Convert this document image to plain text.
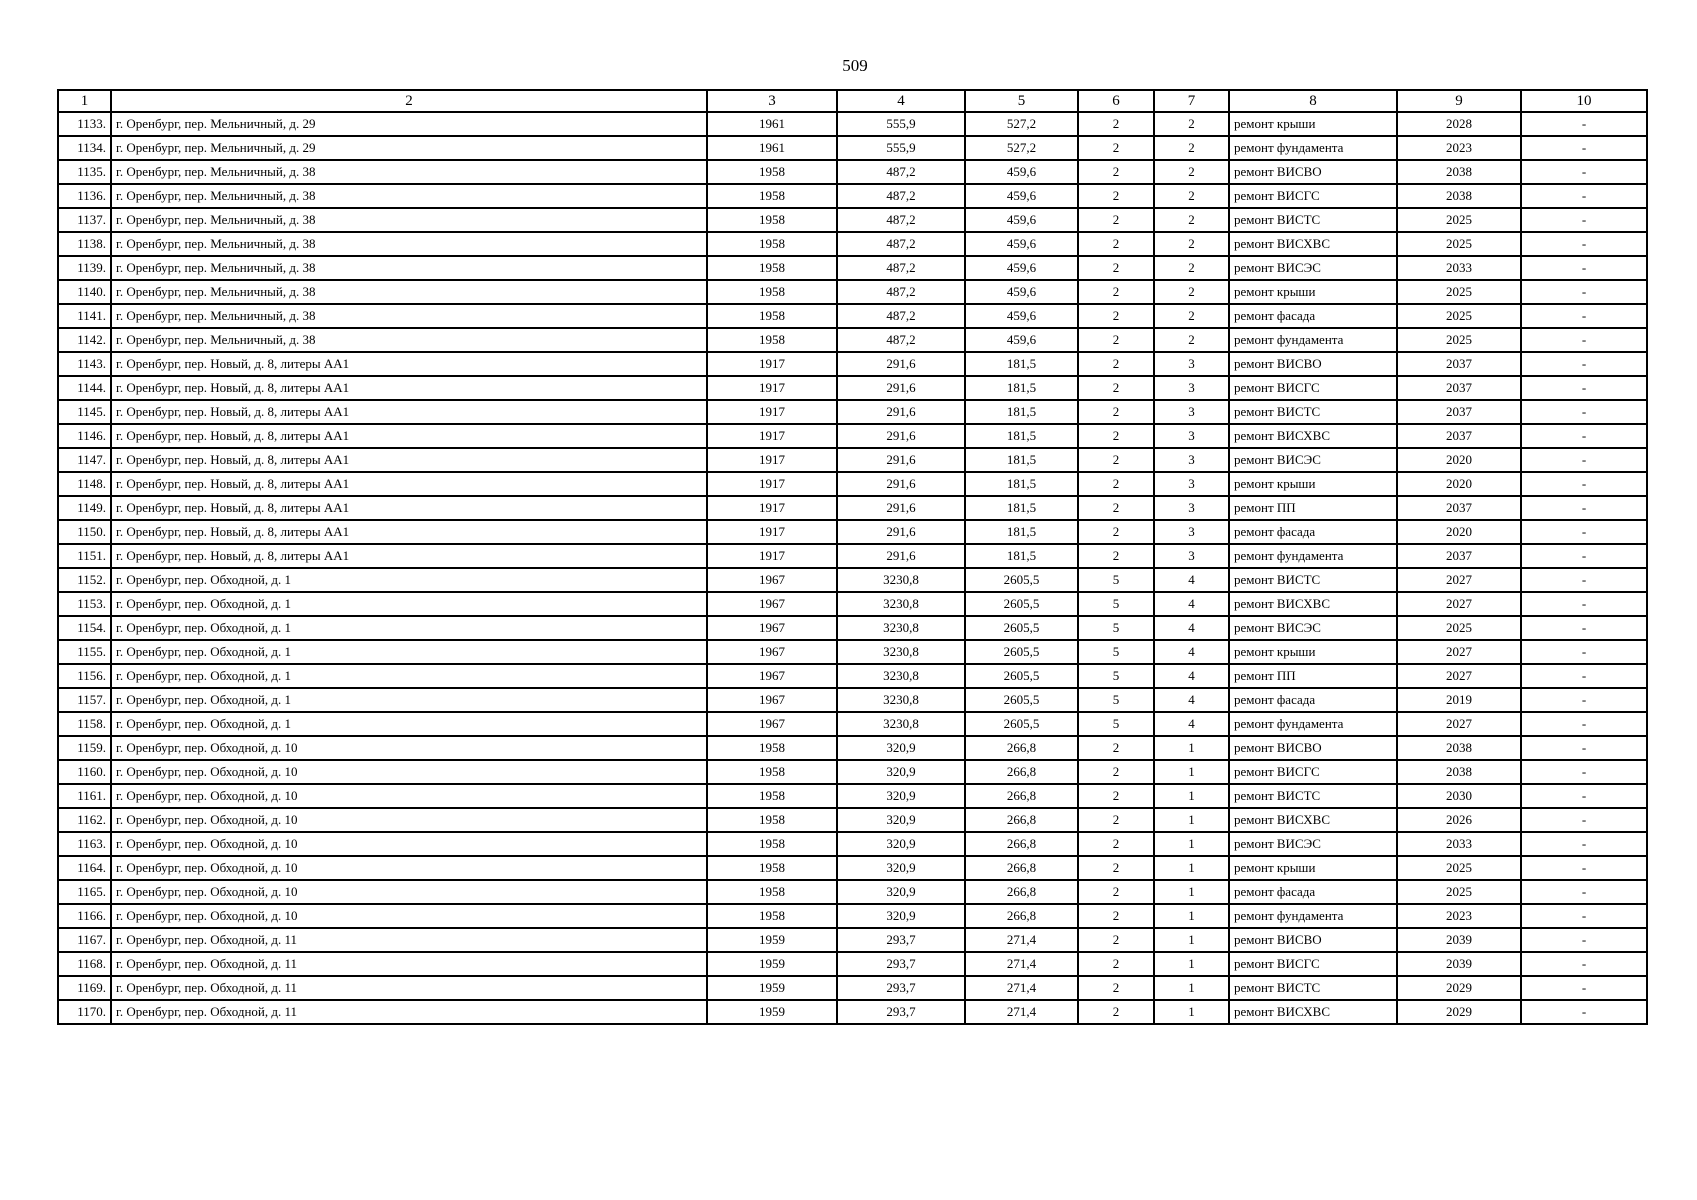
509
1	2	3	4	5	6	7	8	9	10
1133.	г. Оренбург, пер. Мельничный, д. 29	1961	555,9	527,2	2	2	ремонт крыши	2028	-
1134.	г. Оренбург, пер. Мельничный, д. 29	1961	555,9	527,2	2	2	ремонт фундамента	2023	-
1135.	г. Оренбург, пер. Мельничный, д. 38	1958	487,2	459,6	2	2	ремонт ВИСВО	2038	-
1136.	г. Оренбург, пер. Мельничный, д. 38	1958	487,2	459,6	2	2	ремонт ВИСГС	2038	-
1137.	г. Оренбург, пер. Мельничный, д. 38	1958	487,2	459,6	2	2	ремонт ВИСТС	2025	-
1138.	г. Оренбург, пер. Мельничный, д. 38	1958	487,2	459,6	2	2	ремонт ВИСХВС	2025	-
1139.	г. Оренбург, пер. Мельничный, д. 38	1958	487,2	459,6	2	2	ремонт ВИСЭС	2033	-
1140.	г. Оренбург, пер. Мельничный, д. 38	1958	487,2	459,6	2	2	ремонт крыши	2025	-
1141.	г. Оренбург, пер. Мельничный, д. 38	1958	487,2	459,6	2	2	ремонт фасада	2025	-
1142.	г. Оренбург, пер. Мельничный, д. 38	1958	487,2	459,6	2	2	ремонт фундамента	2025	-
1143.	г. Оренбург, пер. Новый, д. 8, литеры АА1	1917	291,6	181,5	2	3	ремонт ВИСВО	2037	-
1144.	г. Оренбург, пер. Новый, д. 8, литеры АА1	1917	291,6	181,5	2	3	ремонт ВИСГС	2037	-
1145.	г. Оренбург, пер. Новый, д. 8, литеры АА1	1917	291,6	181,5	2	3	ремонт ВИСТС	2037	-
1146.	г. Оренбург, пер. Новый, д. 8, литеры АА1	1917	291,6	181,5	2	3	ремонт ВИСХВС	2037	-
1147.	г. Оренбург, пер. Новый, д. 8, литеры АА1	1917	291,6	181,5	2	3	ремонт ВИСЭС	2020	-
1148.	г. Оренбург, пер. Новый, д. 8, литеры АА1	1917	291,6	181,5	2	3	ремонт крыши	2020	-
1149.	г. Оренбург, пер. Новый, д. 8, литеры АА1	1917	291,6	181,5	2	3	ремонт ПП	2037	-
1150.	г. Оренбург, пер. Новый, д. 8, литеры АА1	1917	291,6	181,5	2	3	ремонт фасада	2020	-
1151.	г. Оренбург, пер. Новый, д. 8, литеры АА1	1917	291,6	181,5	2	3	ремонт фундамента	2037	-
1152.	г. Оренбург, пер. Обходной, д. 1	1967	3230,8	2605,5	5	4	ремонт ВИСТС	2027	-
1153.	г. Оренбург, пер. Обходной, д. 1	1967	3230,8	2605,5	5	4	ремонт ВИСХВС	2027	-
1154.	г. Оренбург, пер. Обходной, д. 1	1967	3230,8	2605,5	5	4	ремонт ВИСЭС	2025	-
1155.	г. Оренбург, пер. Обходной, д. 1	1967	3230,8	2605,5	5	4	ремонт крыши	2027	-
1156.	г. Оренбург, пер. Обходной, д. 1	1967	3230,8	2605,5	5	4	ремонт ПП	2027	-
1157.	г. Оренбург, пер. Обходной, д. 1	1967	3230,8	2605,5	5	4	ремонт фасада	2019	-
1158.	г. Оренбург, пер. Обходной, д. 1	1967	3230,8	2605,5	5	4	ремонт фундамента	2027	-
1159.	г. Оренбург, пер. Обходной, д. 10	1958	320,9	266,8	2	1	ремонт ВИСВО	2038	-
1160.	г. Оренбург, пер. Обходной, д. 10	1958	320,9	266,8	2	1	ремонт ВИСГС	2038	-
1161.	г. Оренбург, пер. Обходной, д. 10	1958	320,9	266,8	2	1	ремонт ВИСТС	2030	-
1162.	г. Оренбург, пер. Обходной, д. 10	1958	320,9	266,8	2	1	ремонт ВИСХВС	2026	-
1163.	г. Оренбург, пер. Обходной, д. 10	1958	320,9	266,8	2	1	ремонт ВИСЭС	2033	-
1164.	г. Оренбург, пер. Обходной, д. 10	1958	320,9	266,8	2	1	ремонт крыши	2025	-
1165.	г. Оренбург, пер. Обходной, д. 10	1958	320,9	266,8	2	1	ремонт фасада	2025	-
1166.	г. Оренбург, пер. Обходной, д. 10	1958	320,9	266,8	2	1	ремонт фундамента	2023	-
1167.	г. Оренбург, пер. Обходной, д. 11	1959	293,7	271,4	2	1	ремонт ВИСВО	2039	-
1168.	г. Оренбург, пер. Обходной, д. 11	1959	293,7	271,4	2	1	ремонт ВИСГС	2039	-
1169.	г. Оренбург, пер. Обходной, д. 11	1959	293,7	271,4	2	1	ремонт ВИСТС	2029	-
1170.	г. Оренбург, пер. Обходной, д. 11	1959	293,7	271,4	2	1	ремонт ВИСХВС	2029	-
